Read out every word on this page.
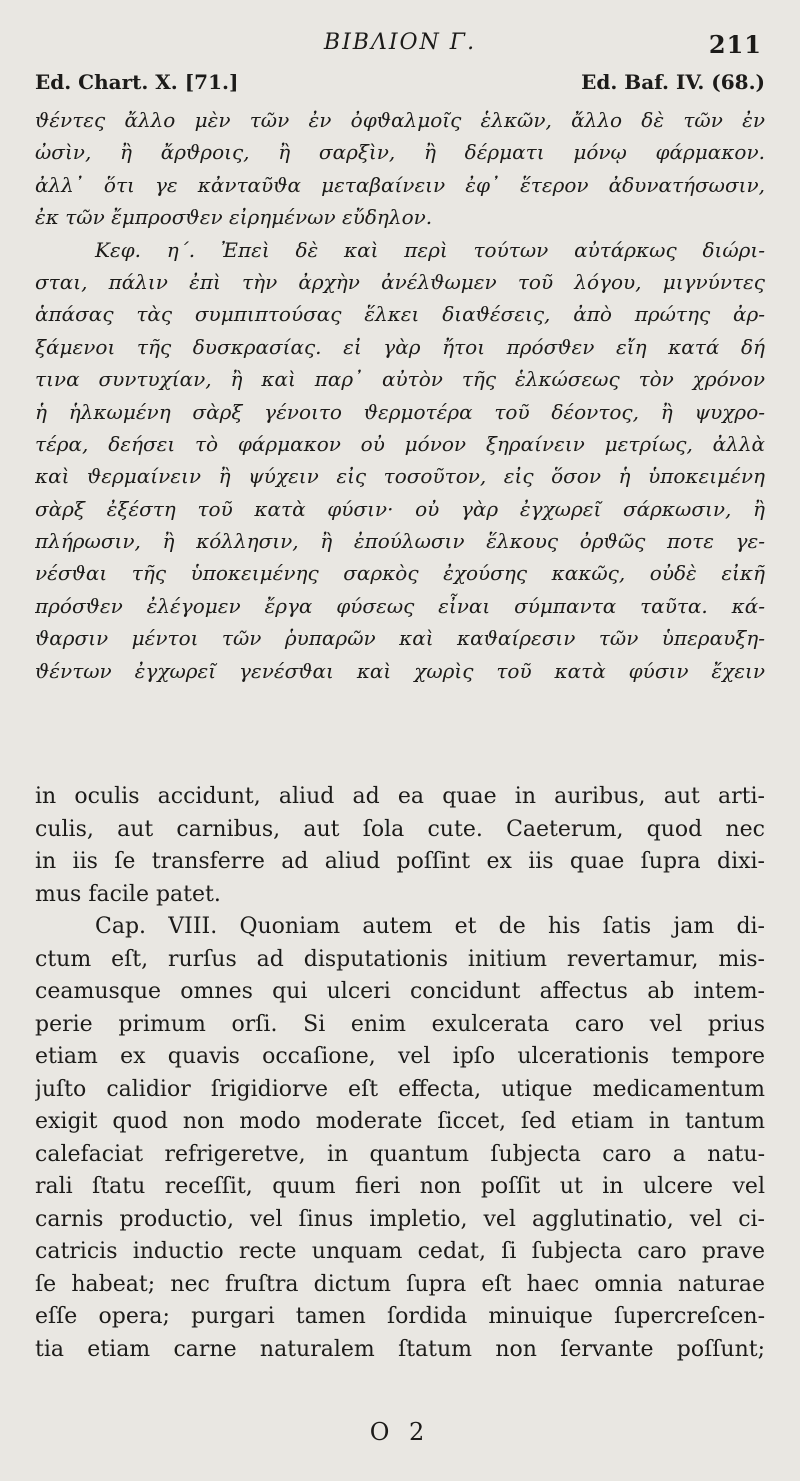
BIBΛION Γ.	211
Ed. Chart. X. [71.]	Ed. Baf. IV. (68.)
ϑέντες ἄλλο μὲν τῶν ἐν ὀφϑαλμοῖς ἑλκῶν, ἄλλο δὲ τῶν ἐν
ὠσὶν, ἢ ἄρϑροις, ἢ σαρξὶν, ἢ δέρματι μόνῳ φάρμακον.
ἀλλ᾽ ὅτι γε κἀνταῦϑα μεταβαίνειν ἐφ᾽ ἕτερον ἀδυνατήσωσιν,
ἐκ τῶν ἔμπροσϑεν εἰρημένων εὔδηλον.
Κεφ. η΄. Ἐπεὶ δὲ καὶ περὶ τούτων αὐτάρκως διώρι-
σται, πάλιν ἐπὶ τὴν ἀρχὴν ἀνέλϑωμεν τοῦ λόγου, μιγνύντες
ἁπάσας τὰς συμπιπτούσας ἕλκει διαϑέσεις, ἀπὸ πρώτης ἀρ-
ξάμενοι τῆς δυσκρασίας. εἰ γὰρ ἤτοι πρόσϑεν εἴη κατά δή
τινα συντυχίαν, ἢ καὶ παρ᾽ αὐτὸν τῆς ἑλκώσεως τὸν χρόνον
ἡ ἡλκωμένη σὰρξ γένοιτο ϑερμοτέρα τοῦ δέοντος, ἢ ψυχρο-
τέρα, δεήσει τὸ φάρμακον οὐ μόνον ξηραίνειν μετρίως, ἀλλὰ
καὶ ϑερμαίνειν ἢ ψύχειν εἰς τοσοῦτον, εἰς ὅσον ἡ ὑποκειμένη
σὰρξ ἐξέστη τοῦ κατὰ φύσιν· οὐ γὰρ ἐγχωρεῖ σάρκωσιν, ἢ
πλήρωσιν, ἢ κόλλησιν, ἢ ἐπούλωσιν ἕλκους ὀρϑῶς ποτε γε-
νέσϑαι τῆς ὑποκειμένης σαρκὸς ἐχούσης κακῶς, οὐδὲ εἰκῆ
πρόσϑεν ἐλέγομεν ἔργα φύσεως εἶναι σύμπαντα ταῦτα. κά-
ϑαρσιν μέντοι τῶν ῥυπαρῶν καὶ καϑαίρεσιν τῶν ὑπεραυξη-
ϑέντων ἐγχωρεῖ γενέσϑαι καὶ χωρὶς τοῦ κατὰ φύσιν ἔχειν
in oculis accidunt, aliud ad ea quae in auribus, aut arti-
culis, aut carnibus, aut ſola cute. Caeterum, quod nec
in iis ſe transferre ad aliud poſſint ex iis quae ſupra dixi-
mus facile patet.
Cap. VIII. Quoniam autem et de his ſatis jam di-
ctum eſt, rurſus ad disputationis initium revertamur, mis-
ceamusque omnes qui ulceri concidunt affectus ab intem-
perie primum orſi. Si enim exulcerata caro vel prius
etiam ex quavis occaſione, vel ipſo ulcerationis tempore
juſto calidior ſrigidiorve eſt effecta, utique medicamentum
exigit quod non modo moderate ſiccet, ſed etiam in tantum
calefaciat refrigeretve, in quantum ſubjecta caro a natu-
rali ſtatu receſſit, quum fieri non poſſit ut in ulcere vel
carnis productio, vel ſinus impletio, vel agglutinatio, vel ci-
catricis inductio recte unquam cedat, ſi ſubjecta caro prave
ſe habeat; nec fruſtra dictum ſupra eſt haec omnia naturae
eſſe opera; purgari tamen ſordida minuique ſupercreſcen-
tia etiam carne naturalem ſtatum non ſervante poſſunt;
O 2
